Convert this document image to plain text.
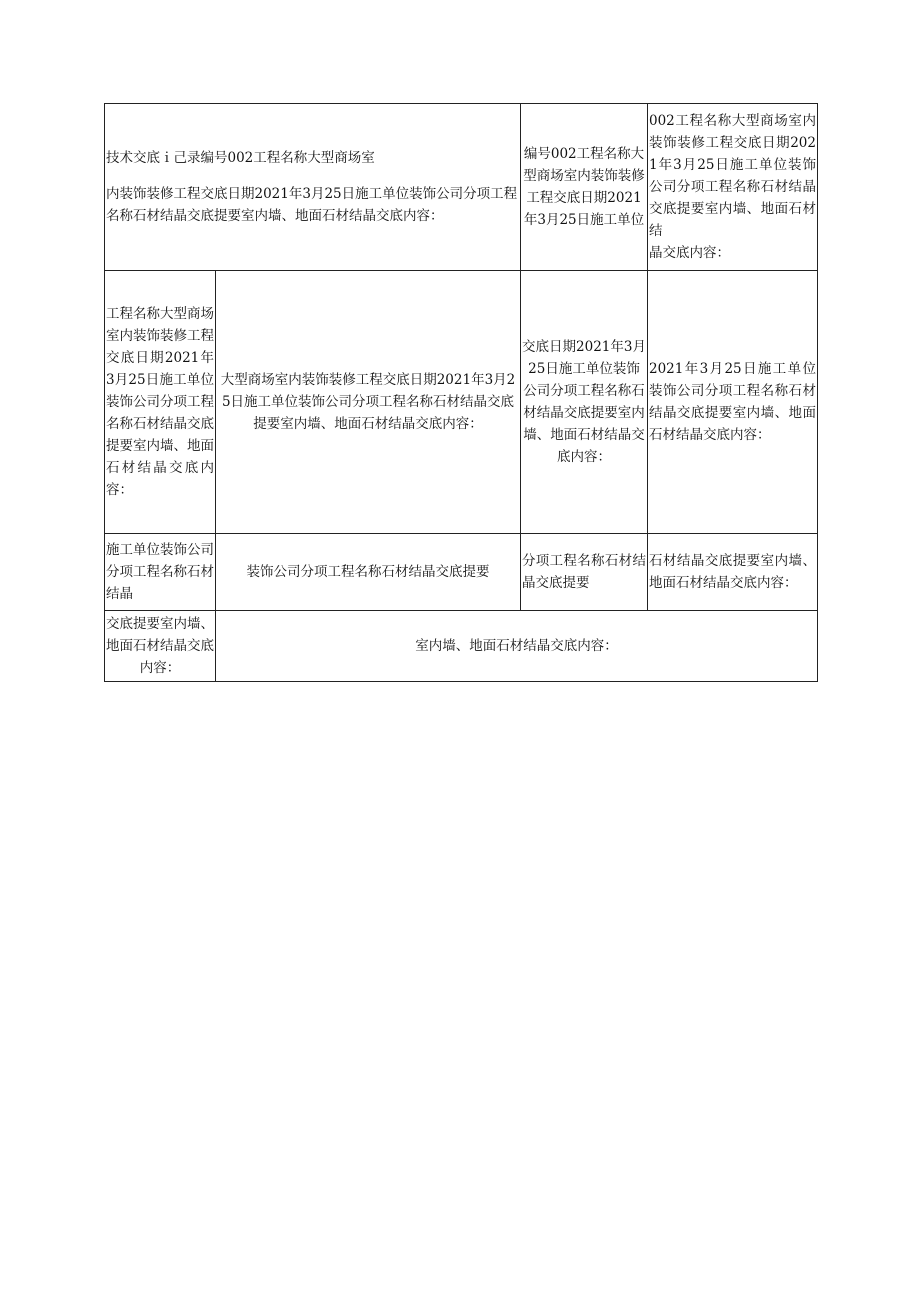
技术交底ｉ己录编号002工程名称大型商场室
内装饰装修工程交底日期2021年3月25日施工单位装饰公司分项工程名称石材结晶交底提要室内墙、地面石材结晶交底内容：		编号002工程名称大型商场室内装饰装修工程交底日期2021年3月25日施工单位	002工程名称大型商场室内装饰装修工程交底日期2021年3月25日施工单位装饰公司分项工程名称石材结晶交底提要室内墙、地面石材结
晶交底内容：

工程名称大型商场室内装饰装修工程交底日期2021年3月25日施工单位装饰公司分项工程名称石材结晶交底提要室内墙、地面石材结晶交底内容：	大型商场室内装饰装修工程交底日期2021年3月25日施工单位装饰公司分项工程名称石材结晶交底提要室内墙、地面石材结晶交底内容：	交底日期2021年3月25日施工单位装饰公司分项工程名称石材结晶交底提要室内墙、地面石材结晶交底内容：	2021年3月25日施工单位装饰公司分项工程名称石材结晶交底提要室内墙、地面石材结晶交底内容：
施工单位装饰公司分项工程名称石材结晶	装饰公司分项工程名称石材结晶交底提要	分项工程名称石材结晶交底提要	石材结晶交底提要室内墙、地面石材结晶交底内容：
交底提要室内墙、地面石材结晶交底内容：	室内墙、地面石材结晶交底内容：		
